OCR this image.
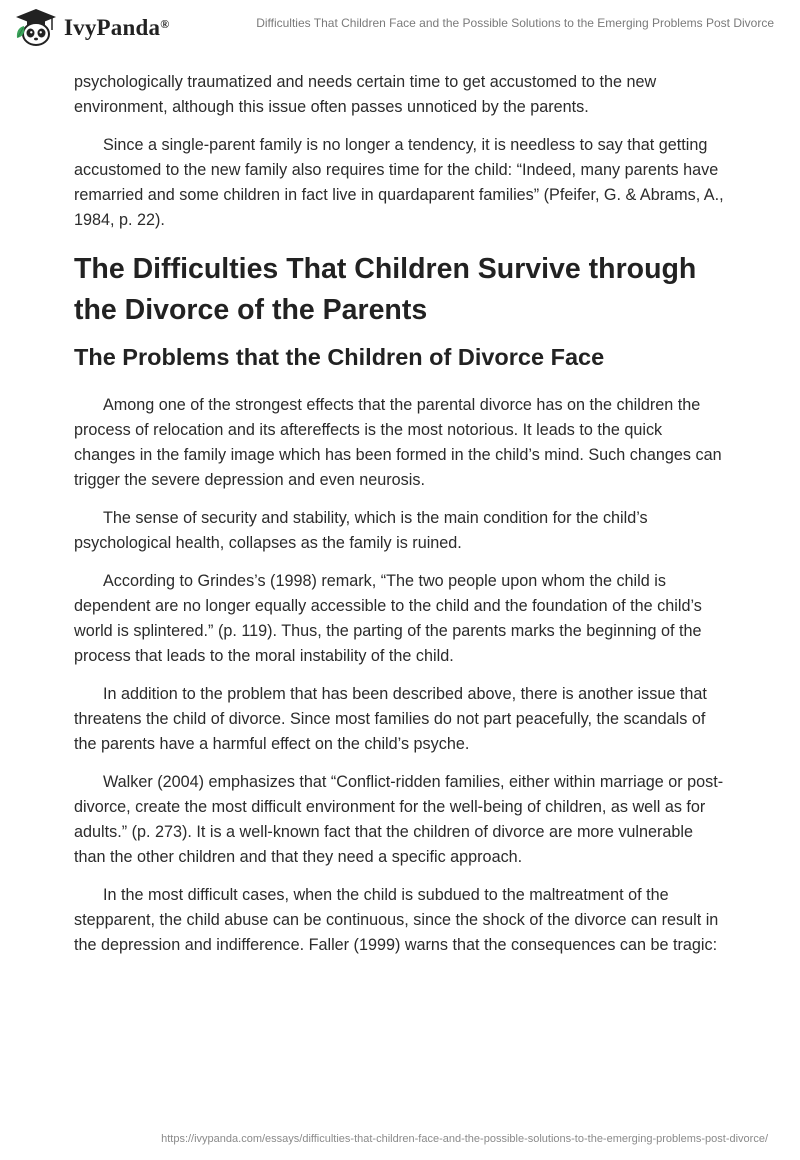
IvyPanda®	Difficulties That Children Face and the Possible Solutions to the Emerging Problems Post Divorce

psychologically traumatized and needs certain time to get accustomed to the new environment, although this issue often passes unnoticed by the parents.

Since a single-parent family is no longer a tendency, it is needless to say that getting accustomed to the new family also requires time for the child: “Indeed, many parents have remarried and some children in fact live in quardaparent families” (Pfeifer, G. & Abrams, A., 1984, p. 22).

The Difficulties That Children Survive through the Divorce of the Parents
The Problems that the Children of Divorce Face

Among one of the strongest effects that the parental divorce has on the children the process of relocation and its aftereffects is the most notorious. It leads to the quick changes in the family image which has been formed in the child’s mind. Such changes can trigger the severe depression and even neurosis.

The sense of security and stability, which is the main condition for the child’s psychological health, collapses as the family is ruined.

According to Grindes’s (1998) remark, “The two people upon whom the child is dependent are no longer equally accessible to the child and the foundation of the child’s world is splintered.” (p. 119). Thus, the parting of the parents marks the beginning of the process that leads to the moral instability of the child.

In addition to the problem that has been described above, there is another issue that threatens the child of divorce. Since most families do not part peacefully, the scandals of the parents have a harmful effect on the child’s psyche.

Walker (2004) emphasizes that “Conflict-ridden families, either within marriage or post-divorce, create the most difficult environment for the well-being of children, as well as for adults.” (p. 273). It is a well-known fact that the children of divorce are more vulnerable than the other children and that they need a specific approach.

In the most difficult cases, when the child is subdued to the maltreatment of the stepparent, the child abuse can be continuous, since the shock of the divorce can result in the depression and indifference. Faller (1999) warns that the consequences can be tragic:

https://ivypanda.com/essays/difficulties-that-children-face-and-the-possible-solutions-to-the-emerging-problems-post-divorce/
